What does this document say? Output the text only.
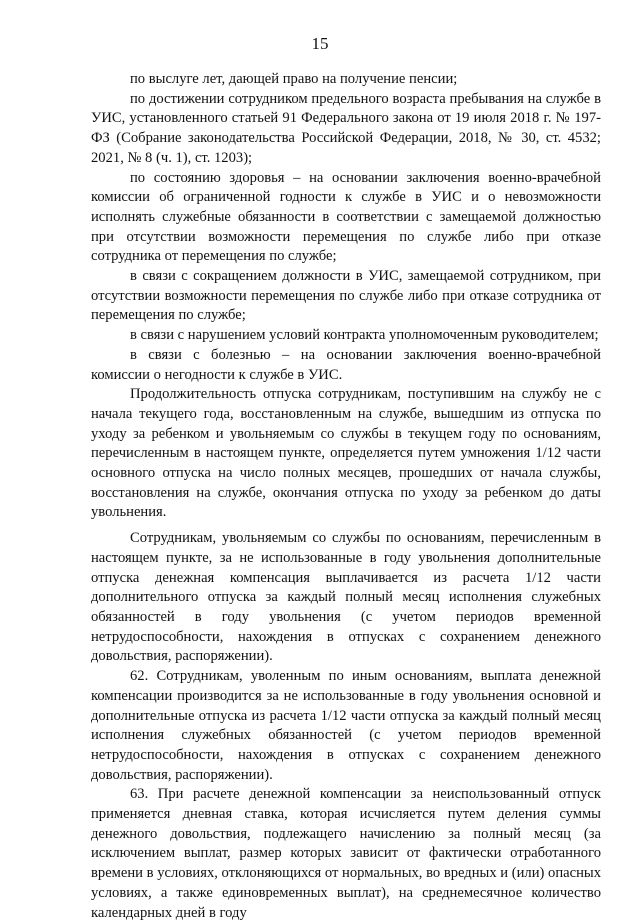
15

по выслуге лет, дающей право на получение пенсии;

по достижении сотрудником предельного возраста пребывания на службе в УИС, установленного статьей 91 Федерального закона от 19 июля 2018 г. № 197-ФЗ (Собрание законодательства Российской Федерации, 2018, № 30, ст. 4532; 2021, № 8 (ч. 1), ст. 1203);

по состоянию здоровья – на основании заключения военно-врачебной комиссии об ограниченной годности к службе в УИС и о невозможности исполнять служебные обязанности в соответствии с замещаемой должностью при отсутствии возможности перемещения по службе либо при отказе сотрудника от перемещения по службе;

в связи с сокращением должности в УИС, замещаемой сотрудником, при отсутствии возможности перемещения по службе либо при отказе сотрудника от перемещения по службе;

в связи с нарушением условий контракта уполномоченным руководителем;

в связи с болезнью – на основании заключения военно-врачебной комиссии о негодности к службе в УИС.

Продолжительность отпуска сотрудникам, поступившим на службу не с начала текущего года, восстановленным на службе, вышедшим из отпуска по уходу за ребенком и увольняемым со службы в текущем году по основаниям, перечисленным в настоящем пункте, определяется путем умножения 1/12 части основного отпуска на число полных месяцев, прошедших от начала службы, восстановления на службе, окончания отпуска по уходу за ребенком до даты увольнения.

Сотрудникам, увольняемым со службы по основаниям, перечисленным в настоящем пункте, за не использованные в году увольнения дополнительные отпуска денежная компенсация выплачивается из расчета 1/12 части дополнительного отпуска за каждый полный месяц исполнения служебных обязанностей в году увольнения (с учетом периодов временной нетрудоспособности, нахождения в отпусках с сохранением денежного довольствия, распоряжении).

62. Сотрудникам, уволенным по иным основаниям, выплата денежной компенсации производится за не использованные в году увольнения основной и дополнительные отпуска из расчета 1/12 части отпуска за каждый полный месяц исполнения служебных обязанностей (с учетом периодов временной нетрудоспособности, нахождения в отпусках с сохранением денежного довольствия, распоряжении).

63. При расчете денежной компенсации за неиспользованный отпуск применяется дневная ставка, которая исчисляется путем деления суммы денежного довольствия, подлежащего начислению за полный месяц (за исключением выплат, размер которых зависит от фактически отработанного времени в условиях, отклоняющихся от нормальных, во вредных и (или) опасных условиях, а также единовременных выплат), на среднемесячное количество календарных дней в году
